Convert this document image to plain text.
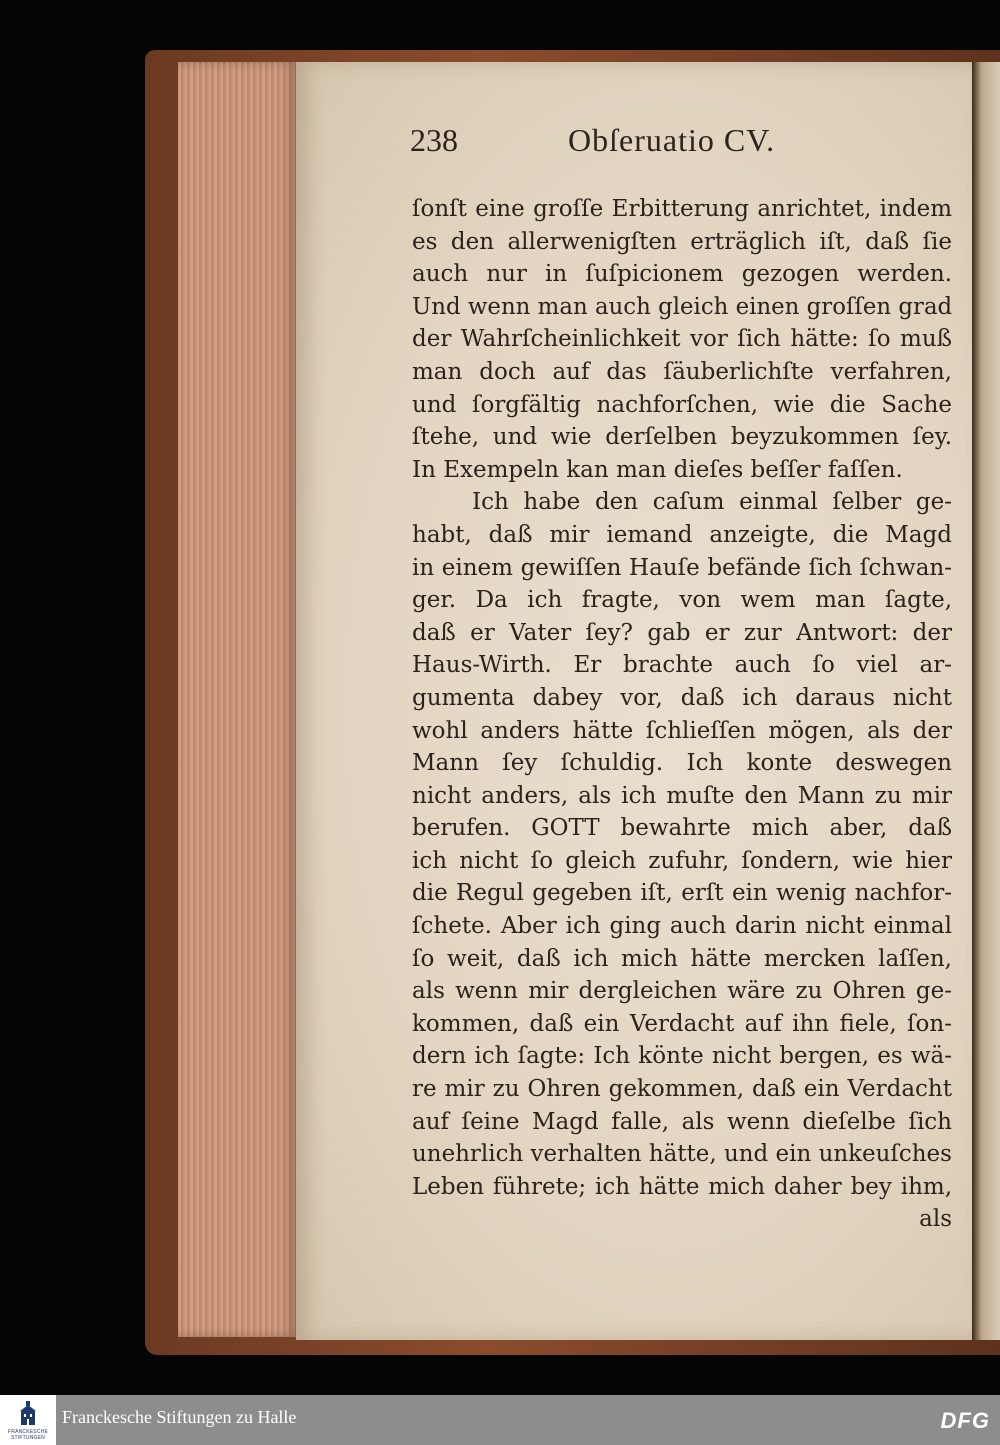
238	Obſeruatio CV.
ſonſt eine groſſe Erbitterung anrichtet, indem
es den allerwenigſten erträglich iſt, daß ſie
auch nur in ſuſpicionem gezogen werden.
Und wenn man auch gleich einen groſſen grad
der Wahrſcheinlichkeit vor ſich hätte: ſo muß
man doch auf das ſäuberlichſte verfahren,
und ſorgfältig nachforſchen, wie die Sache
ſtehe, und wie derſelben beyzukommen ſey.
In Exempeln kan man dieſes beſſer faſſen.
Ich habe den caſum einmal ſelber ge-
habt, daß mir iemand anzeigte, die Magd
in einem gewiſſen Hauſe befände ſich ſchwan-
ger. Da ich fragte, von wem man ſagte,
daß er Vater ſey? gab er zur Antwort: der
Haus-Wirth. Er brachte auch ſo viel ar-
gumenta dabey vor, daß ich daraus nicht
wohl anders hätte ſchlieſſen mögen, als der
Mann ſey ſchuldig. Ich konte deswegen
nicht anders, als ich muſte den Mann zu mir
berufen. GOTT bewahrte mich aber, daß
ich nicht ſo gleich zufuhr, ſondern, wie hier
die Regul gegeben iſt, erſt ein wenig nachfor-
ſchete. Aber ich ging auch darin nicht einmal
ſo weit, daß ich mich hätte mercken laſſen,
als wenn mir dergleichen wäre zu Ohren ge-
kommen, daß ein Verdacht auf ihn fiele, ſon-
dern ich ſagte: Ich könte nicht bergen, es wä-
re mir zu Ohren gekommen, daß ein Verdacht
auf ſeine Magd falle, als wenn dieſelbe ſich
unehrlich verhalten hätte, und ein unkeuſches
Leben führete; ich hätte mich daher bey ihm,
als
FRANCKESCHE STIFTUNGEN
Franckesche Stiftungen zu Halle	DFG
